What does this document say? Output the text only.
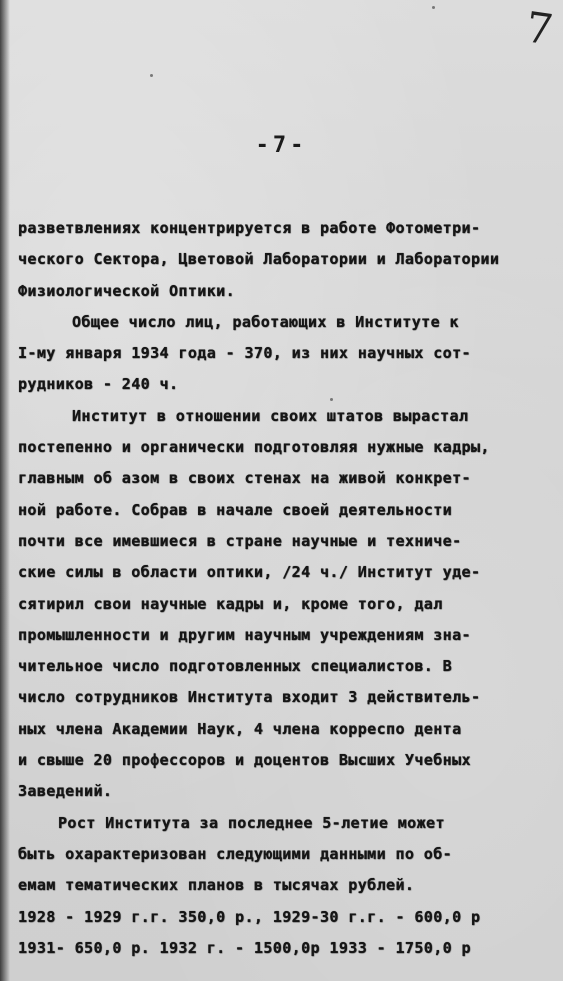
7
-7-
разветвлениях концентрируется в работе Фотометри-
ческого Сектора, Цветовой Лаборатории и Лаборатории
Физиологической Оптики.
Общее число лиц, работающих в Институте к
I-му января 1934 года - 370, из них научных сот-
рудников - 240 ч.
Институт в отношении своих штатов вырастал
постепенно и органически подготовляя нужные кадры,
главным об азом в своих стенах на живой конкрет-
ной работе. Собрав в начале своей деятельности
почти все имевшиеся в стране научные и техниче-
ские силы в области оптики, /24 ч./ Институт уде-
сятирил свои научные кадры и, кроме того, дал
промышленности и другим научным учреждениям зна-
чительное число подготовленных специалистов. В
число сотрудников Института входит 3 действитель-
ных члена Академии Наук, 4 члена корреспо дента
и свыше 20 профессоров и доцентов Высших Учебных
Заведений.
Рост Института за последнее 5-летие может
быть охарактеризован следующими данными по об-
емам тематических планов в тысячах рублей.
1928 - 1929 г.г. 350,0 р., 1929-30 г.г. - 600,0 р
1931- 650,0 р. 1932 г. - 1500,0р 1933 - 1750,0 р
